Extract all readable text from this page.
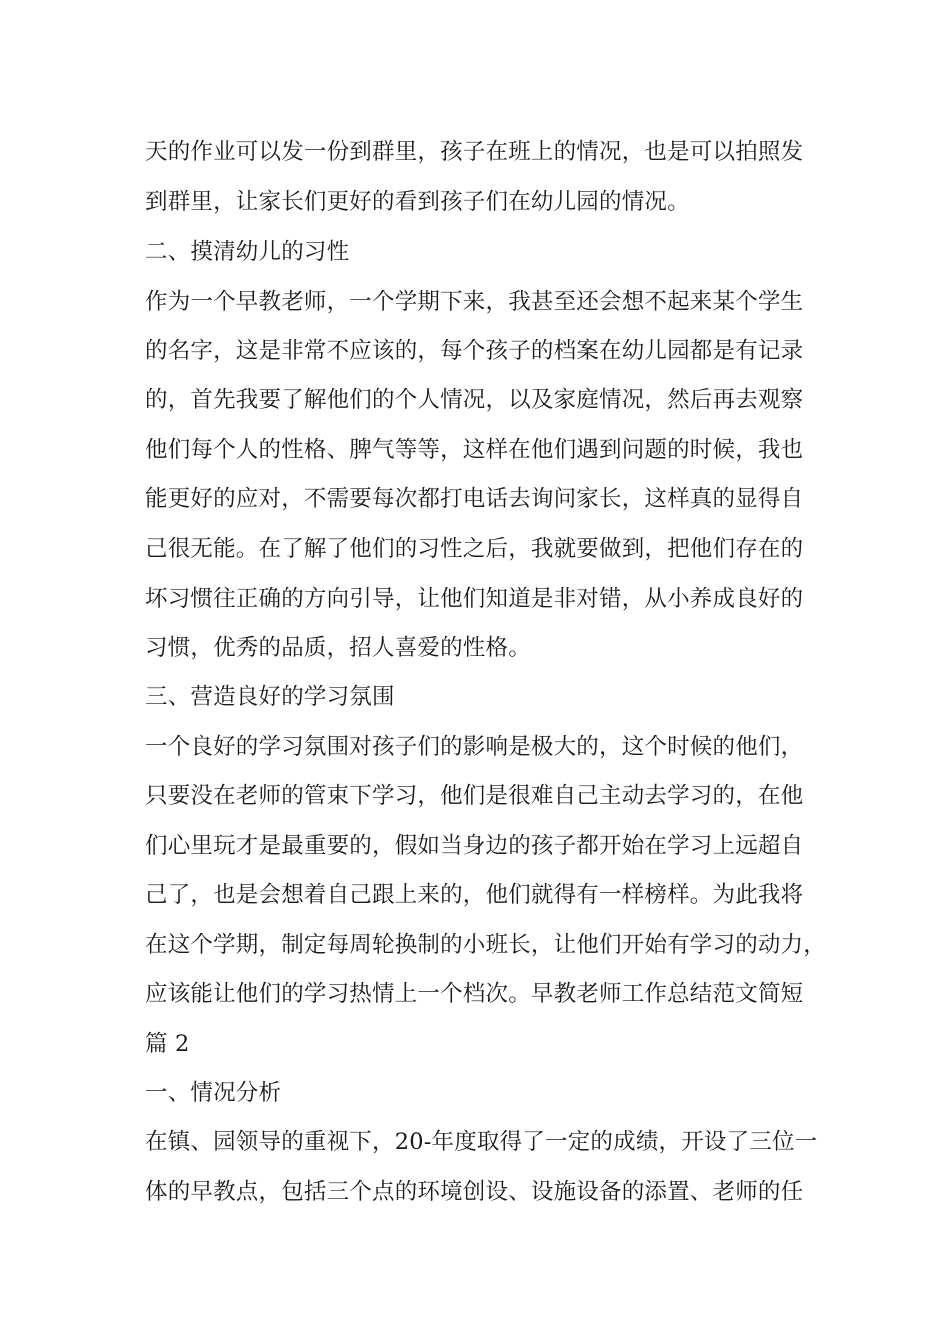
天的作业可以发一份到群里，孩子在班上的情况，也是可以拍照发
到群里，让家长们更好的看到孩子们在幼儿园的情况。
二、摸清幼儿的习性
作为一个早教老师，一个学期下来，我甚至还会想不起来某个学生
的名字，这是非常不应该的，每个孩子的档案在幼儿园都是有记录
的，首先我要了解他们的个人情况，以及家庭情况，然后再去观察
他们每个人的性格、脾气等等，这样在他们遇到问题的时候，我也
能更好的应对，不需要每次都打电话去询问家长，这样真的显得自
己很无能。在了解了他们的习性之后，我就要做到，把他们存在的
坏习惯往正确的方向引导，让他们知道是非对错，从小养成良好的
习惯，优秀的品质，招人喜爱的性格。
三、营造良好的学习氛围
一个良好的学习氛围对孩子们的影响是极大的，这个时候的他们，
只要没在老师的管束下学习，他们是很难自己主动去学习的，在他
们心里玩才是最重要的，假如当身边的孩子都开始在学习上远超自
己了，也是会想着自己跟上来的，他们就得有一样榜样。为此我将
在这个学期，制定每周轮换制的小班长，让他们开始有学习的动力，
应该能让他们的学习热情上一个档次。早教老师工作总结范文简短
篇 2
一、情况分析
在镇、园领导的重视下，20-年度取得了一定的成绩，开设了三位一
体的早教点，包括三个点的环境创设、设施设备的添置、老师的任
